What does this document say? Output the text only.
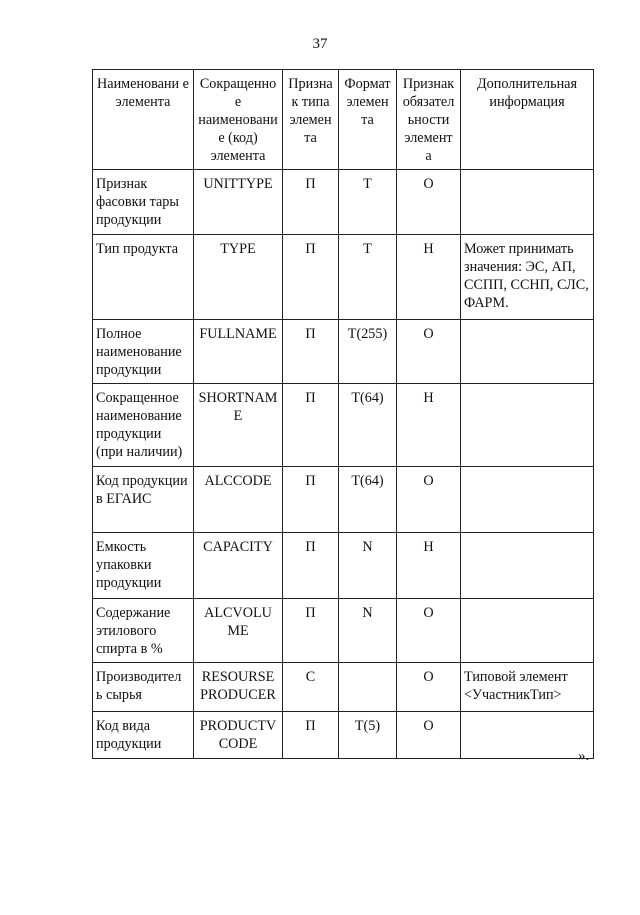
37
Наименовани е элемента	Сокращенно е наименовани е (код) элемента	Призна к типа элемен та	Формат элемен та	Признак обязател ьности элемент а	Дополнительная информация
Признак фасовки тары продукции	UNITTYPE	П	Т	О	
Тип продукта	TYPE	П	Т	Н	Может принимать значения: ЭС, АП, ССПП, ССНП, СЛС, ФАРМ.
Полное наименование продукции	FULLNAME	П	Т(255)	О	
Сокращенное наименование продукции (при наличии)	SHORTNAM E	П	Т(64)	Н	
Код продукции в ЕГАИС	ALCCODE	П	Т(64)	О	
Емкость упаковки продукции	CAPACITY	П	N	Н	
Содержание этилового спирта в %	ALCVOLU ME	П	N	О	
Производител ь сырья	RESOURSE PRODUCER	С		О	Типовой элемент <УчастникТип>
Код вида продукции	PRODUCTV CODE	П	Т(5)	О	
».
